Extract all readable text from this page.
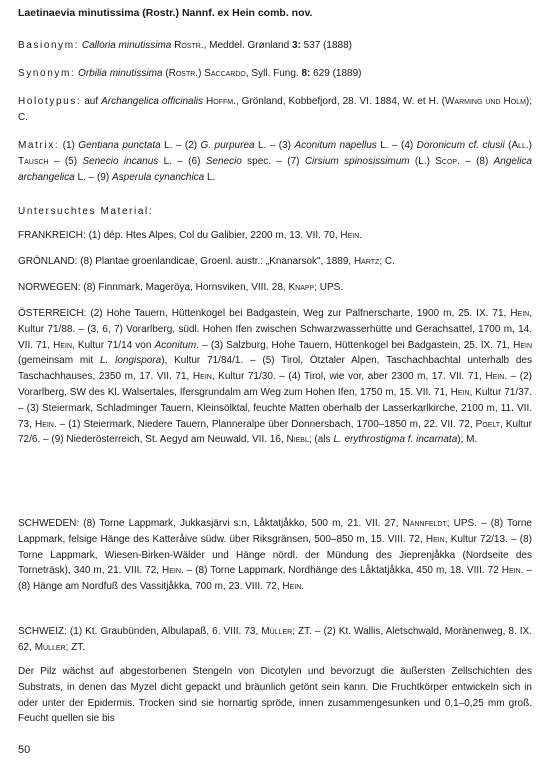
Laetinaevia minutissima (Rostr.) Nannf. ex Hein comb. nov.

Basionym: Calloria minutissima Rostr., Meddel. Grønland 3: 537 (1888)

Synonym: Orbilia minutissima (Rostr.) Saccardo, Syll. Fung. 8: 629 (1889)

Holotypus: auf Archangelica officinalis Hoffm., Grönland, Kobbefjord, 28. VI. 1884, W. et H. (Warming und Holm); C.

Matrix: (1) Gentiana punctata L. – (2) G. purpurea L. – (3) Aconitum napellus L. – (4) Doronicum cf. clusii (All.) Tausch – (5) Senecio incanus L. – (6) Senecio spec. – (7) Cirsium spinosissimum (L.) Scop. – (8) Angelica archangelica L. – (9) Asperula cynanchica L.

Untersuchtes Material:

FRANKREICH: (1) dép. Htes Alpes, Col du Galibier, 2200 m, 13. VII. 70, Hein.

GRÖNLAND: (8) Plantae groenlandicae, Groenl. austr.: „Knanarsok", 1889, Hartz; C.

NORWEGEN: (8) Finnmark, Mageröya, Hornsviken, VIII. 28, Knapp; UPS.

ÖSTERREICH: (2) Hohe Tauern, Hüttenkogel bei Badgastein, Weg zur Palfnerscharte, 1900 m, 25. IX. 71, Hein, Kultur 71/88. – (3, 6, 7) Vorarlberg, südl. Hohen Ifen zwischen Schwarzwasserhütte und Gerachsattel, 1700 m, 14. VII. 71, Hein, Kultur 71/14 von Aconitum. – (3) Salzburg, Hohe Tauern, Hüttenkogel bei Badgastein, 25. IX. 71, Hein (gemeinsam mit L. longispora), Kultur 71/84/1. – (5) Tirol, Ötztaler Alpen, Taschachbachtal unterhalb des Taschachhauses, 2350 m, 17. VII. 71, Hein, Kultur 71/30. – (4) Tirol, wie vor, aber 2300 m, 17. VII. 71, Hein. – (2) Vorarlberg, SW des Kl. Walsertales, Ifersgrundalm am Weg zum Hohen Ifen, 1750 m, 15. VII. 71, Hein, Kultur 71/37. – (3) Steiermark, Schladminger Tauern, Kleinsölktal, feuchte Matten oberhalb der Lasserkarlkirche, 2100 m, 11. VII. 73, Hein. – (1) Steiermark, Niedere Tauern, Planneralpe über Donnersbach, 1700–1850 m, 22. VII. 72, Poelt, Kultur 72/6. – (9) Niederösterreich, St. Aegyd am Neuwald, VII. 16, Niebl; (als L. erythrostigma f. incarnata); M.

SCHWEDEN: (8) Torne Lappmark, Jukkasjärvi s:n, Låktatjåkko, 500 m, 21. VII. 27, Nannfeldt; UPS. – (8) Torne Lappmark, felsige Hänge des Katteråive südw. über Riksgränsen, 500–850 m, 15. VIII. 72, Hein, Kultur 72/13. – (8) Torne Lappmark, Wiesen-Birken-Wälder und Hänge nördl. der Mündung des Jieprenjåkka (Nordseite des Torneträsk), 340 m, 21. VIII. 72, Hein. – (8) Torne Lappmark, Nordhänge des Låktatjåkka, 450 m, 18. VIII. 72 Hein. – (8) Hänge am Nordfuß des Vassitjåkka, 700 m, 23. VIII. 72, Hein.

SCHWEIZ: (1) Kt. Graubünden, Albulapaß, 6. VIII. 73, Müller; ZT. – (2) Kt. Wallis, Aletschwald, Moränenweg, 8. IX. 62, Müller; ZT.

Der Pilz wächst auf abgestorbenen Stengeln von Dicotylen und bevorzugt die äußersten Zellschichten des Substrats, in denen das Myzel dicht gepackt und bräunlich getönt sein kann. Die Fruchtkörper entwickeln sich in oder unter der Epidermis. Trocken sind sie hornartig spröde, innen zusammengesunken und 0,1–0,25 mm groß. Feucht quellen sie bis

50
